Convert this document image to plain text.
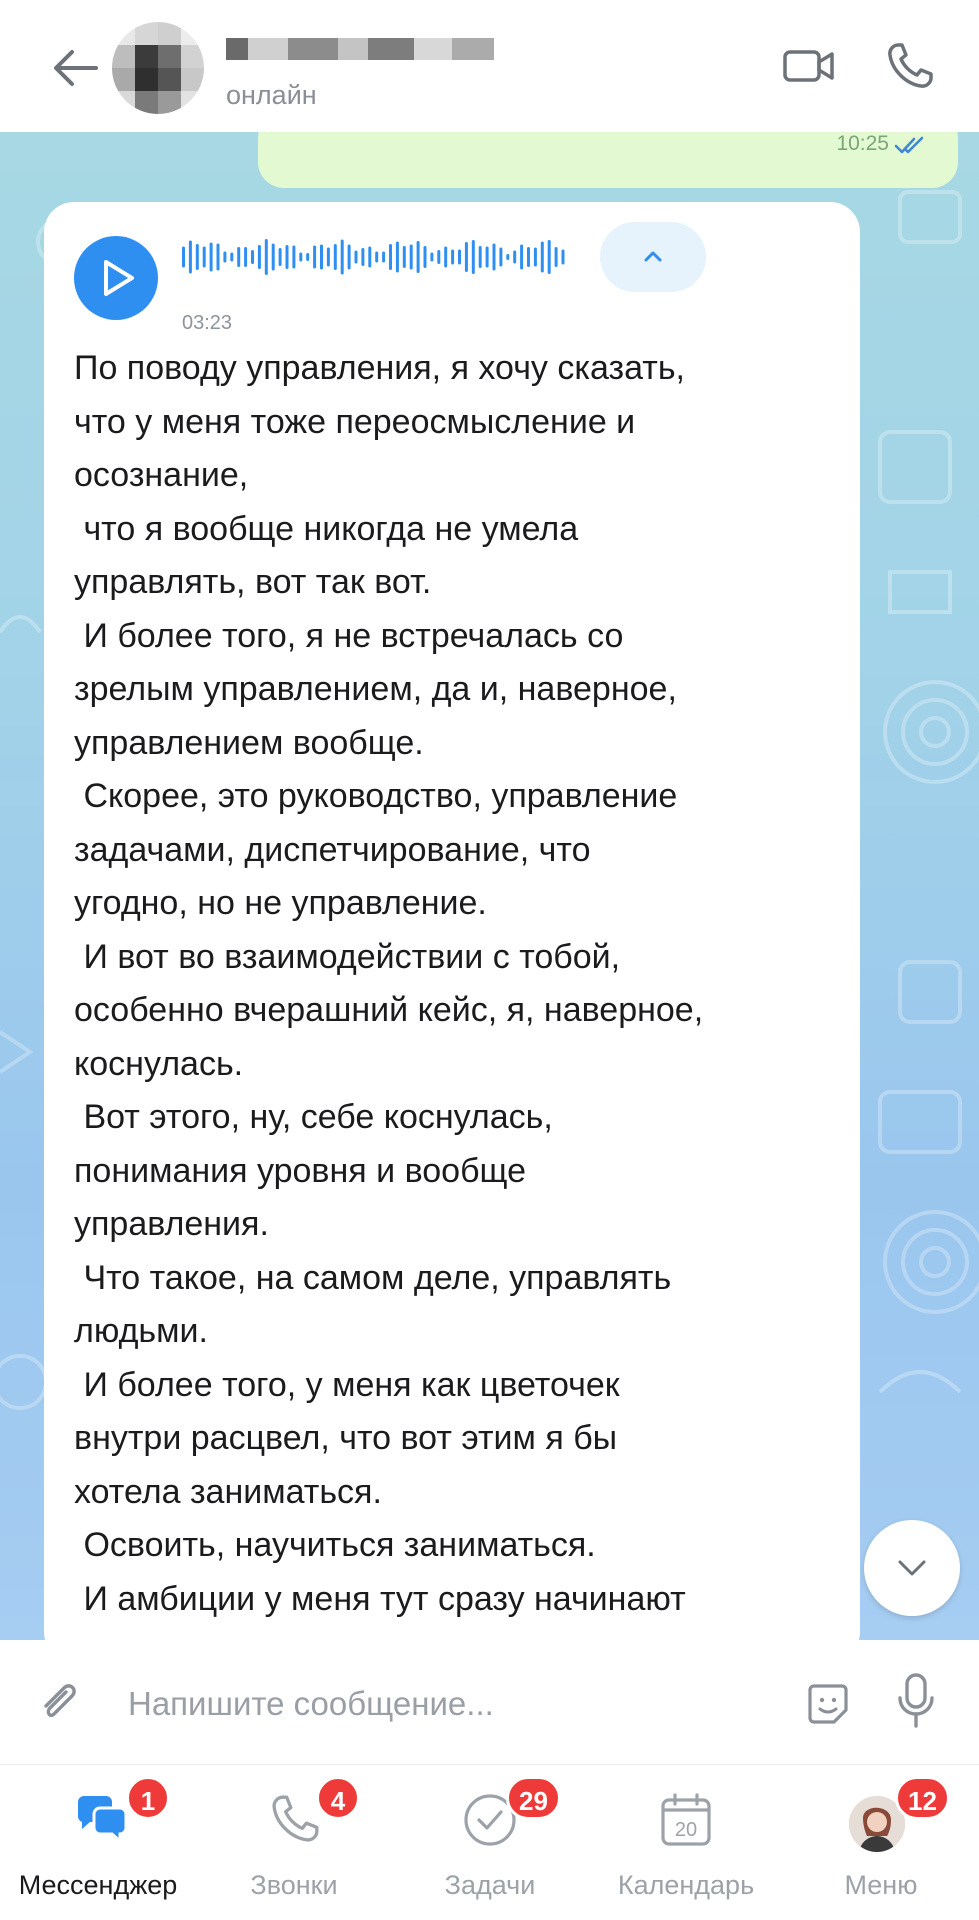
онлайн
10:25
03:23
По поводу управления, я хочу сказать,
что у меня тоже переосмысление и
осознание,
что я вообще никогда не умела
управлять, вот так вот.
И более того, я не встречалась со
зрелым управлением, да и, наверное,
управлением вообще.
Скорее, это руководство, управление
задачами, диспетчирование, что
угодно, но не управление.
И вот во взаимодействии с тобой,
особенно вчерашний кейс, я, наверное,
коснулась.
Вот этого, ну, себе коснулась,
понимания уровня и вообще
управления.
Что такое, на самом деле, управлять
людьми.
И более того, у меня как цветочек
внутри расцвел, что вот этим я бы
хотела заниматься.
Освоить, научиться заниматься.
И амбиции у меня тут сразу начинают
Напишите сообщение...
1
Мессенджер
4
Звонки
29
Задачи
20
Календарь
12
Меню
